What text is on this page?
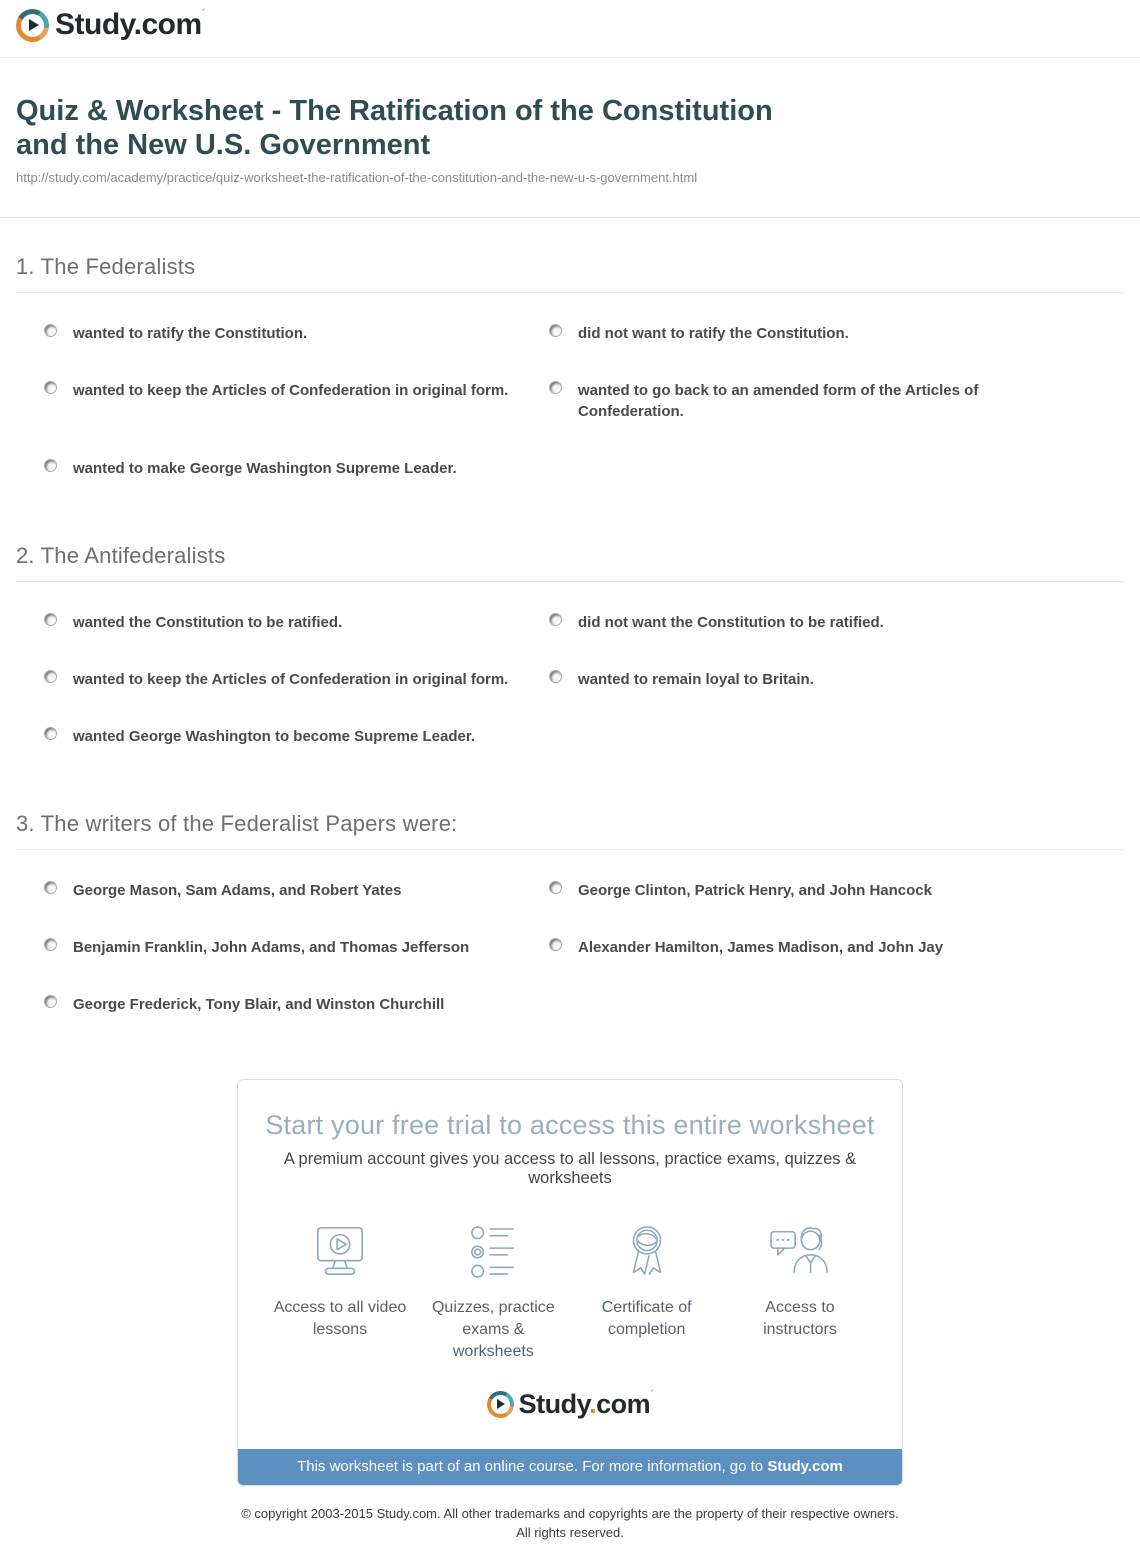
Study.com´
Quiz & Worksheet - The Ratification of the Constitution and the New U.S. Government
http://study.com/academy/practice/quiz-worksheet-the-ratification-of-the-constitution-and-the-new-u-s-government.html
1. The Federalists
wanted to ratify the Constitution.	did not want to ratify the Constitution.
wanted to keep the Articles of Confederation in original form.	wanted to go back to an amended form of the Articles of Confederation.
wanted to make George Washington Supreme Leader.
2. The Antifederalists
wanted the Constitution to be ratified.	did not want the Constitution to be ratified.
wanted to keep the Articles of Confederation in original form.	wanted to remain loyal to Britain.
wanted George Washington to become Supreme Leader.
3. The writers of the Federalist Papers were:
George Mason, Sam Adams, and Robert Yates	George Clinton, Patrick Henry, and John Hancock
Benjamin Franklin, John Adams, and Thomas Jefferson	Alexander Hamilton, James Madison, and John Jay
George Frederick, Tony Blair, and Winston Churchill
Start your free trial to access this entire worksheet
A premium account gives you access to all lessons, practice exams, quizzes & worksheets
Access to all video lessons
Quizzes, practice exams & worksheets
Certificate of completion
Access to instructors
Study.com´
This worksheet is part of an online course. For more information, go to Study.com
© copyright 2003-2015 Study.com. All other trademarks and copyrights are the property of their respective owners.
All rights reserved.
